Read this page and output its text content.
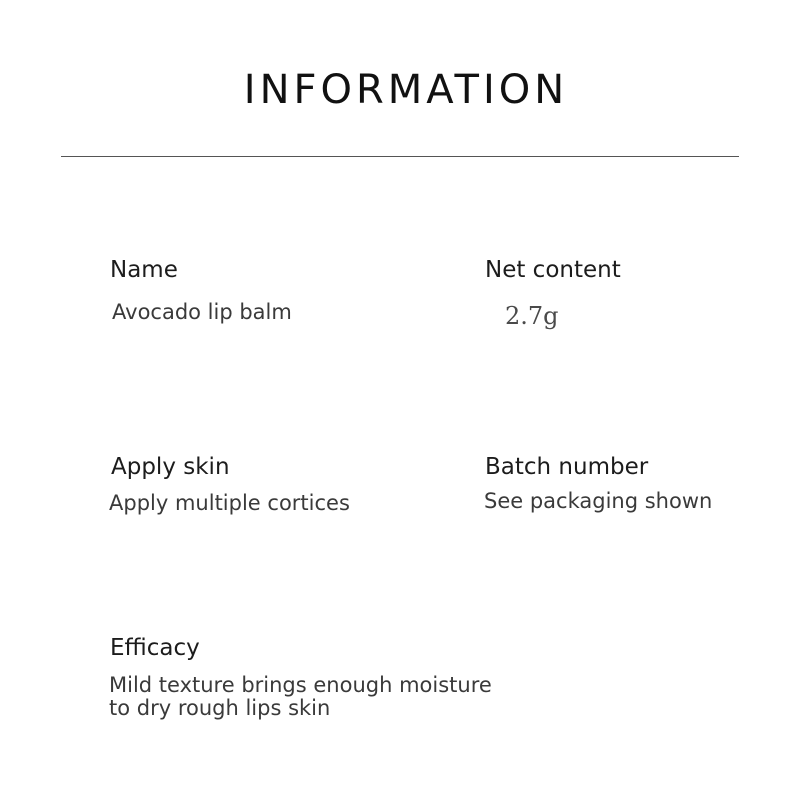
INFORMATION

Name

Avocado lip balm

Net content

2.7g

Apply skin

Apply multiple cortices

Batch number

See packaging shown

Efficacy

Mild texture brings enough moisture
to dry rough lips skin
